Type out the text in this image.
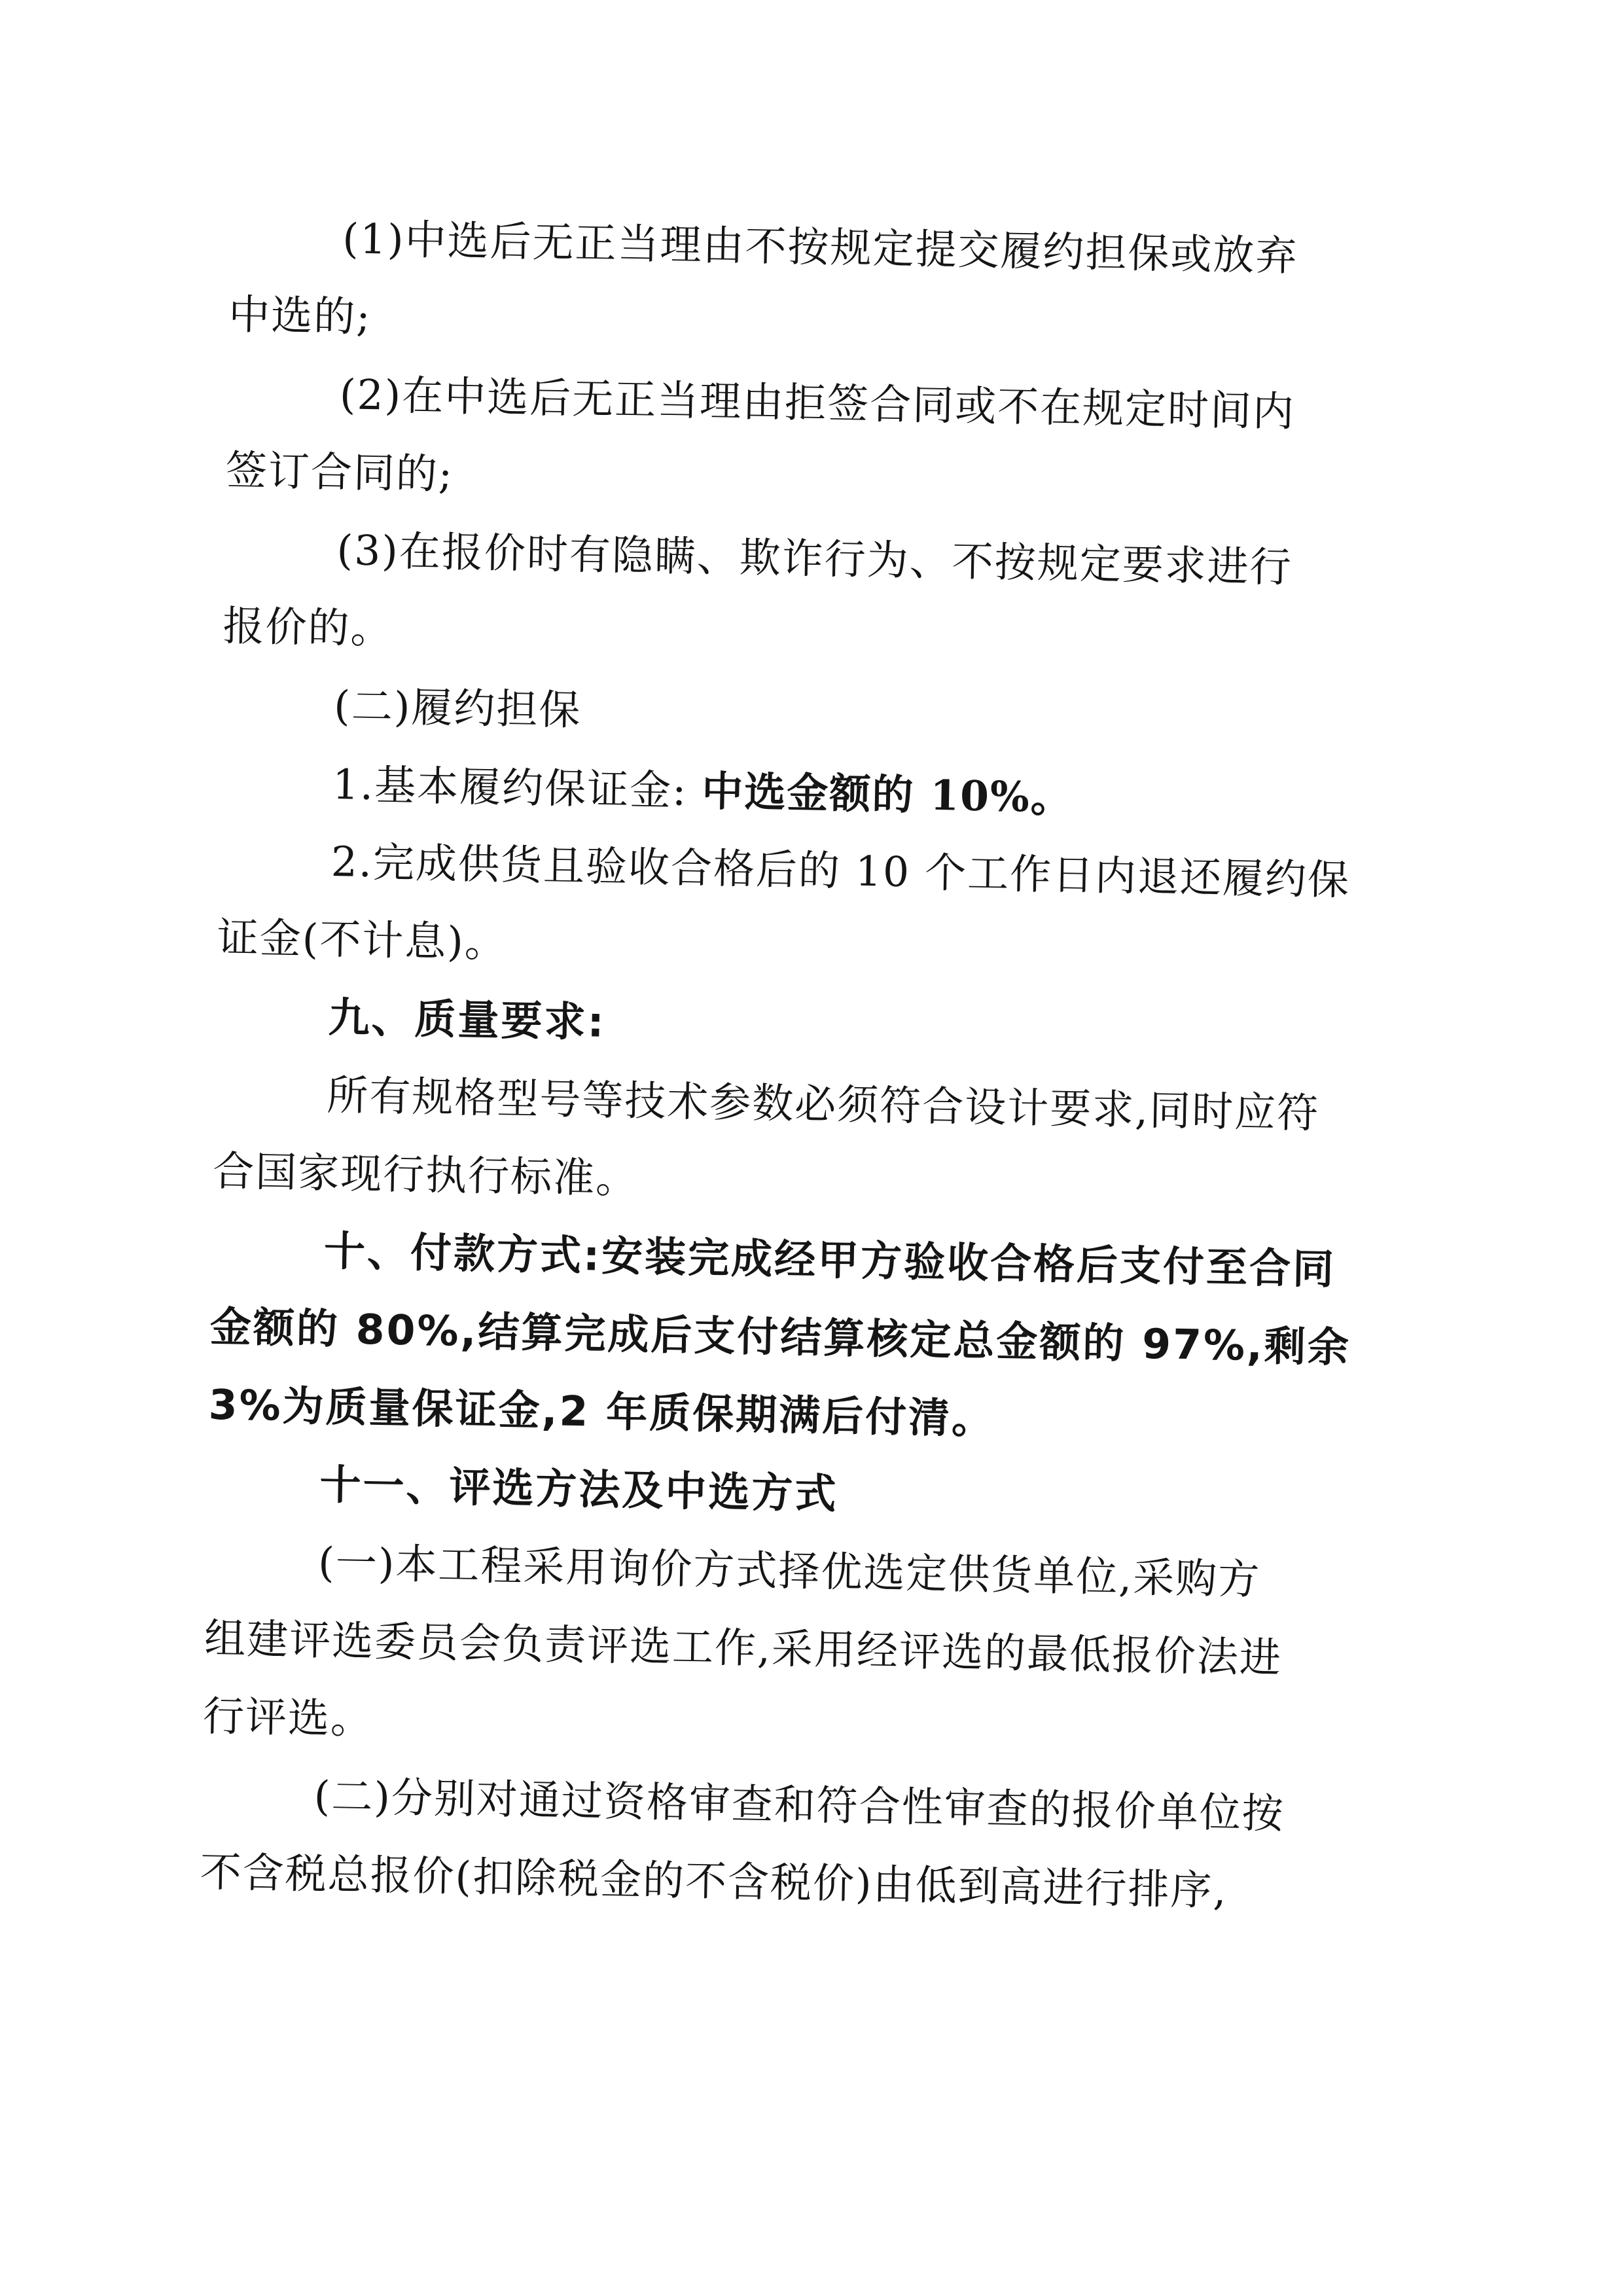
(1)中选后无正当理由不按规定提交履约担保或放弃
中选的;
(2)在中选后无正当理由拒签合同或不在规定时间内
签订合同的;
(3)在报价时有隐瞒、欺诈行为、不按规定要求进行
报价的。
(二)履约担保
1.基本履约保证金: 中选金额的 10%。
2.完成供货且验收合格后的 10 个工作日内退还履约保
证金(不计息)。
九、质量要求:
所有规格型号等技术参数必须符合设计要求,同时应符
合国家现行执行标准。
十、付款方式:安装完成经甲方验收合格后支付至合同
金额的 80%,结算完成后支付结算核定总金额的 97%,剩余
3%为质量保证金,2 年质保期满后付清。
十一、评选方法及中选方式
(一)本工程采用询价方式择优选定供货单位,采购方
组建评选委员会负责评选工作,采用经评选的最低报价法进
行评选。
(二)分别对通过资格审查和符合性审查的报价单位按
不含税总报价(扣除税金的不含税价)由低到高进行排序,
